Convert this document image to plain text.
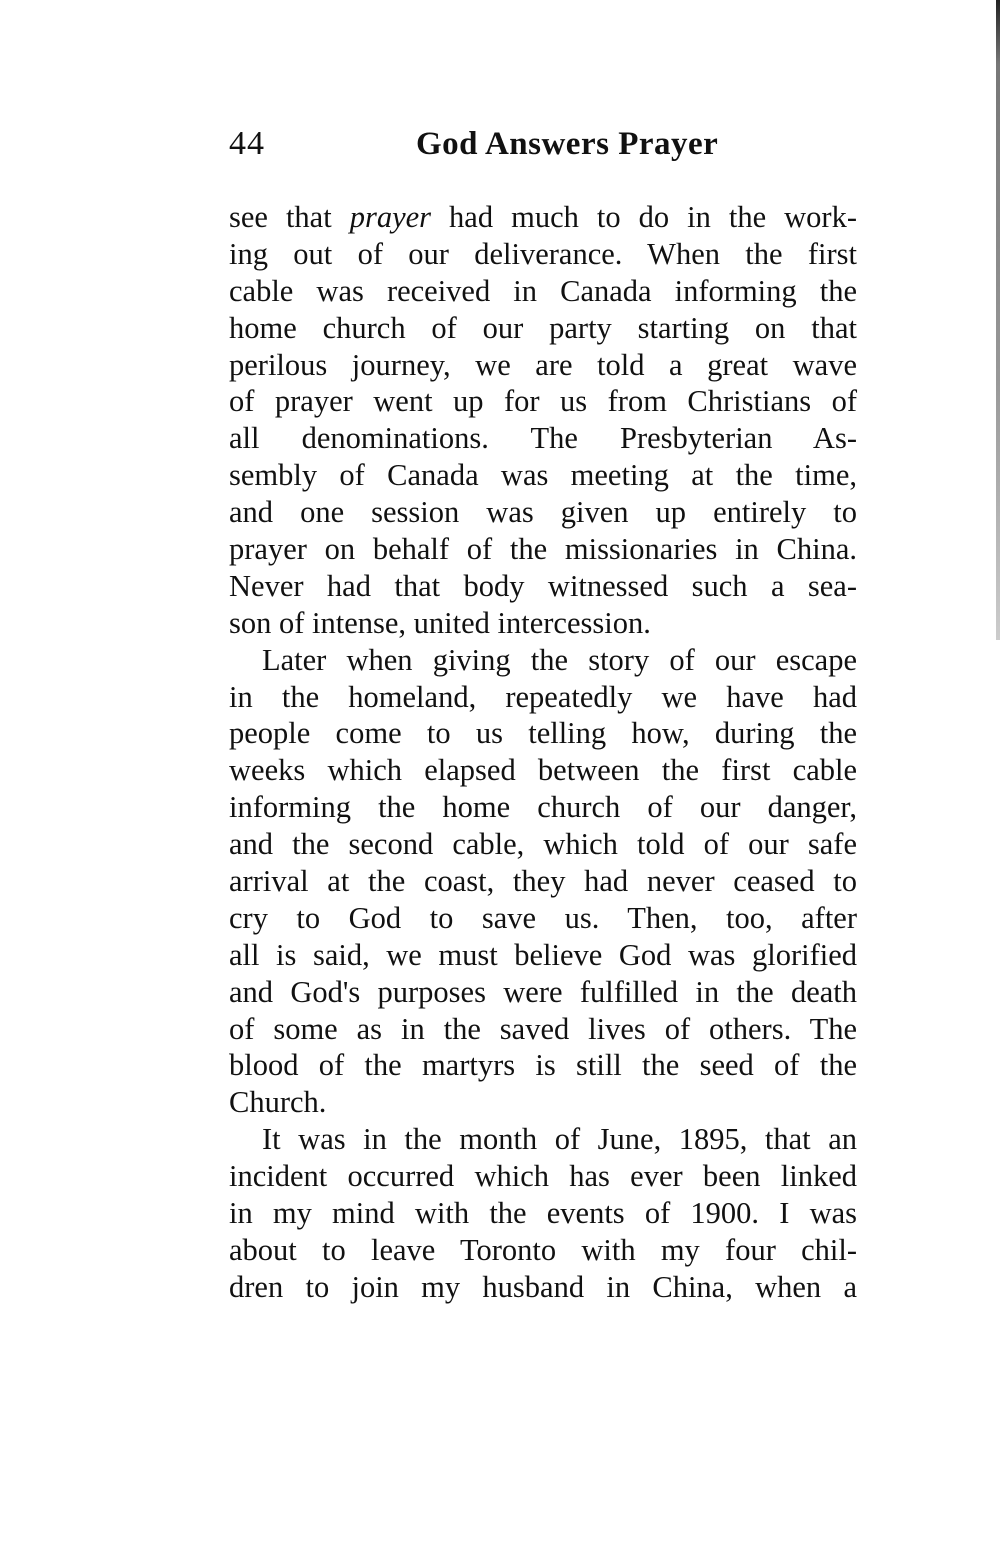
44	God Answers Prayer
see that prayer had much to do in the work-
ing out of our deliverance. When the first
cable was received in Canada informing the
home church of our party starting on that
perilous journey, we are told a great wave
of prayer went up for us from Christians of
all denominations. The Presbyterian As-
sembly of Canada was meeting at the time,
and one session was given up entirely to
prayer on behalf of the missionaries in China.
Never had that body witnessed such a sea-
son of intense, united intercession.
Later when giving the story of our escape
in the homeland, repeatedly we have had
people come to us telling how, during the
weeks which elapsed between the first cable
informing the home church of our danger,
and the second cable, which told of our safe
arrival at the coast, they had never ceased to
cry to God to save us. Then, too, after
all is said, we must believe God was glorified
and God's purposes were fulfilled in the death
of some as in the saved lives of others. The
blood of the martyrs is still the seed of the
Church.
It was in the month of June, 1895, that an
incident occurred which has ever been linked
in my mind with the events of 1900. I was
about to leave Toronto with my four chil-
dren to join my husband in China, when a
